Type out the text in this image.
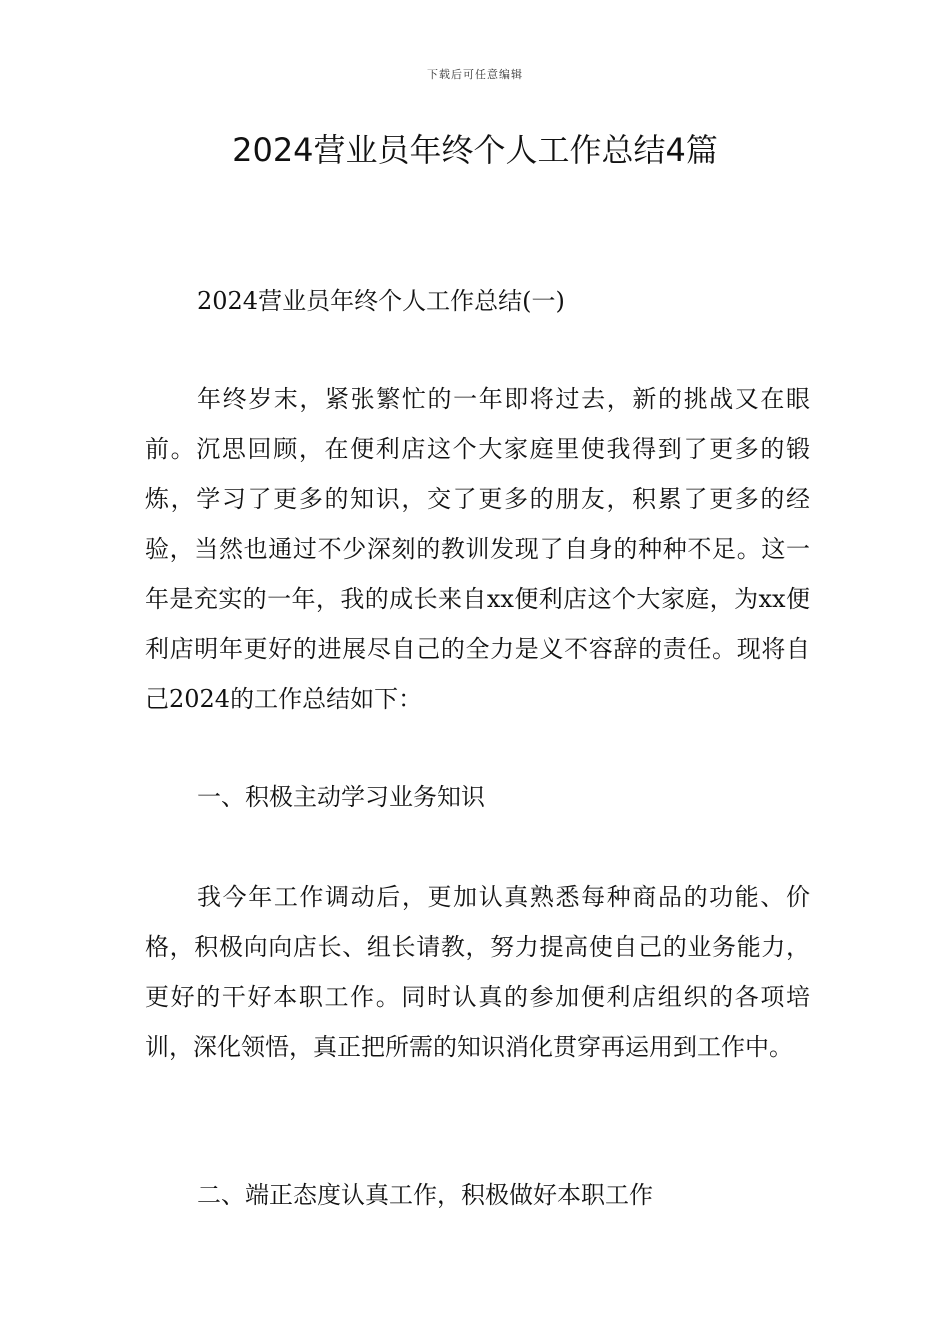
下载后可任意编辑
2024营业员年终个人工作总结4篇

2024营业员年终个人工作总结(一)

年终岁末，紧张繁忙的一年即将过去，新的挑战又在眼前。沉思回顾，在便利店这个大家庭里使我得到了更多的锻炼，学习了更多的知识，交了更多的朋友，积累了更多的经验，当然也通过不少深刻的教训发现了自身的种种不足。这一年是充实的一年，我的成长来自xx便利店这个大家庭，为xx便利店明年更好的进展尽自己的全力是义不容辞的责任。现将自己2024的工作总结如下：

一、积极主动学习业务知识

我今年工作调动后，更加认真熟悉每种商品的功能、价格，积极向向店长、组长请教，努力提高使自己的业务能力，更好的干好本职工作。同时认真的参加便利店组织的各项培训，深化领悟，真正把所需的知识消化贯穿再运用到工作中。

二、端正态度认真工作，积极做好本职工作
